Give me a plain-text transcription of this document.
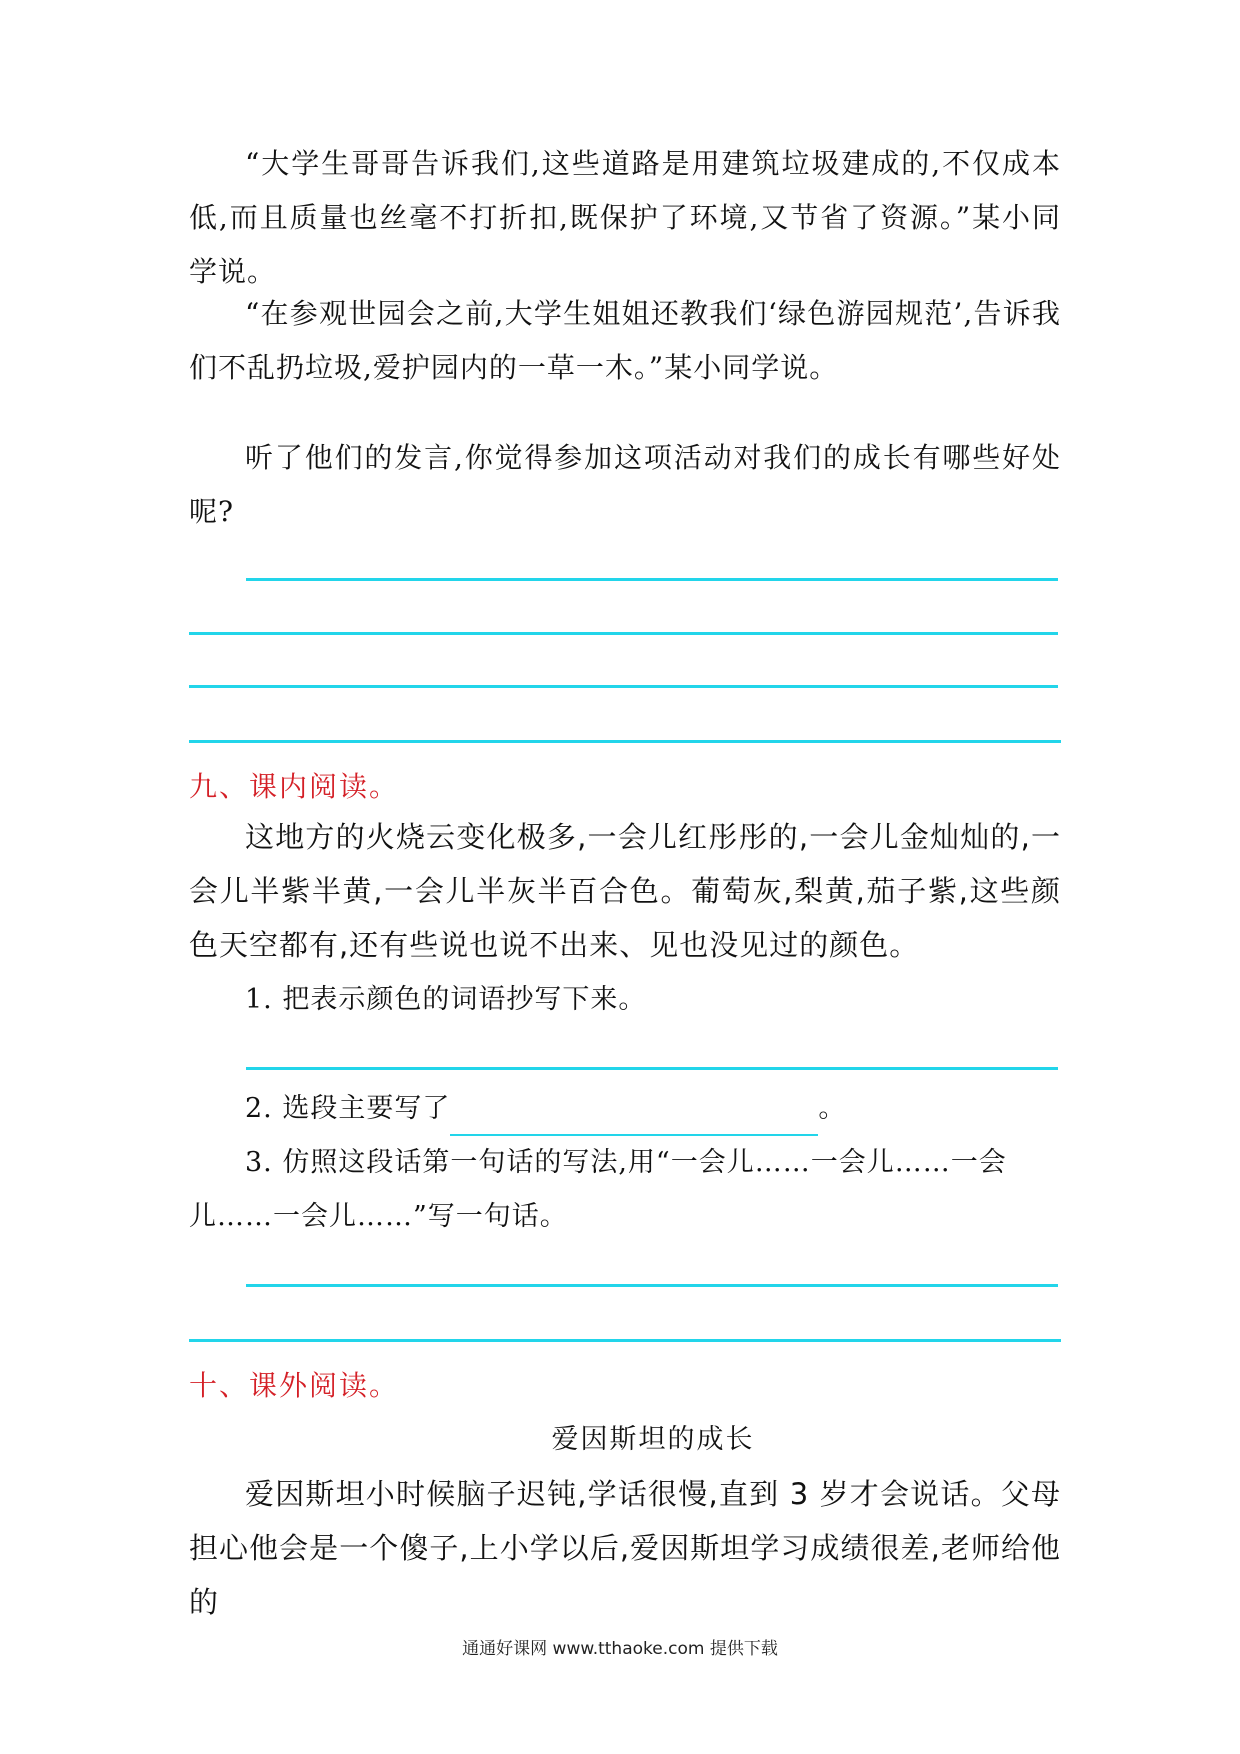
“大学生哥哥告诉我们,这些道路是用建筑垃圾建成的,不仅成本低,而且质量也丝毫不打折扣,既保护了环境,又节省了资源。”某小同学说。

“在参观世园会之前,大学生姐姐还教我们‘绿色游园规范’,告诉我们不乱扔垃圾,爱护园内的一草一木。”某小同学说。

听了他们的发言,你觉得参加这项活动对我们的成长有哪些好处呢?

九、课内阅读。

这地方的火烧云变化极多,一会儿红彤彤的,一会儿金灿灿的,一会儿半紫半黄,一会儿半灰半百合色。葡萄灰,梨黄,茄子紫,这些颜色天空都有,还有些说也说不出来、见也没见过的颜色。

1. 把表示颜色的词语抄写下来。

2. 选段主要写了	。

3. 仿照这段话第一句话的写法,用“一会儿……一会儿……一会儿……一会儿……”写一句话。

十、课外阅读。

爱因斯坦的成长

爱因斯坦小时候脑子迟钝,学话很慢,直到 3 岁才会说话。父母担心他会是一个傻子,上小学以后,爱因斯坦学习成绩很差,老师给他的

通通好课网 www.tthaoke.com 提供下载
